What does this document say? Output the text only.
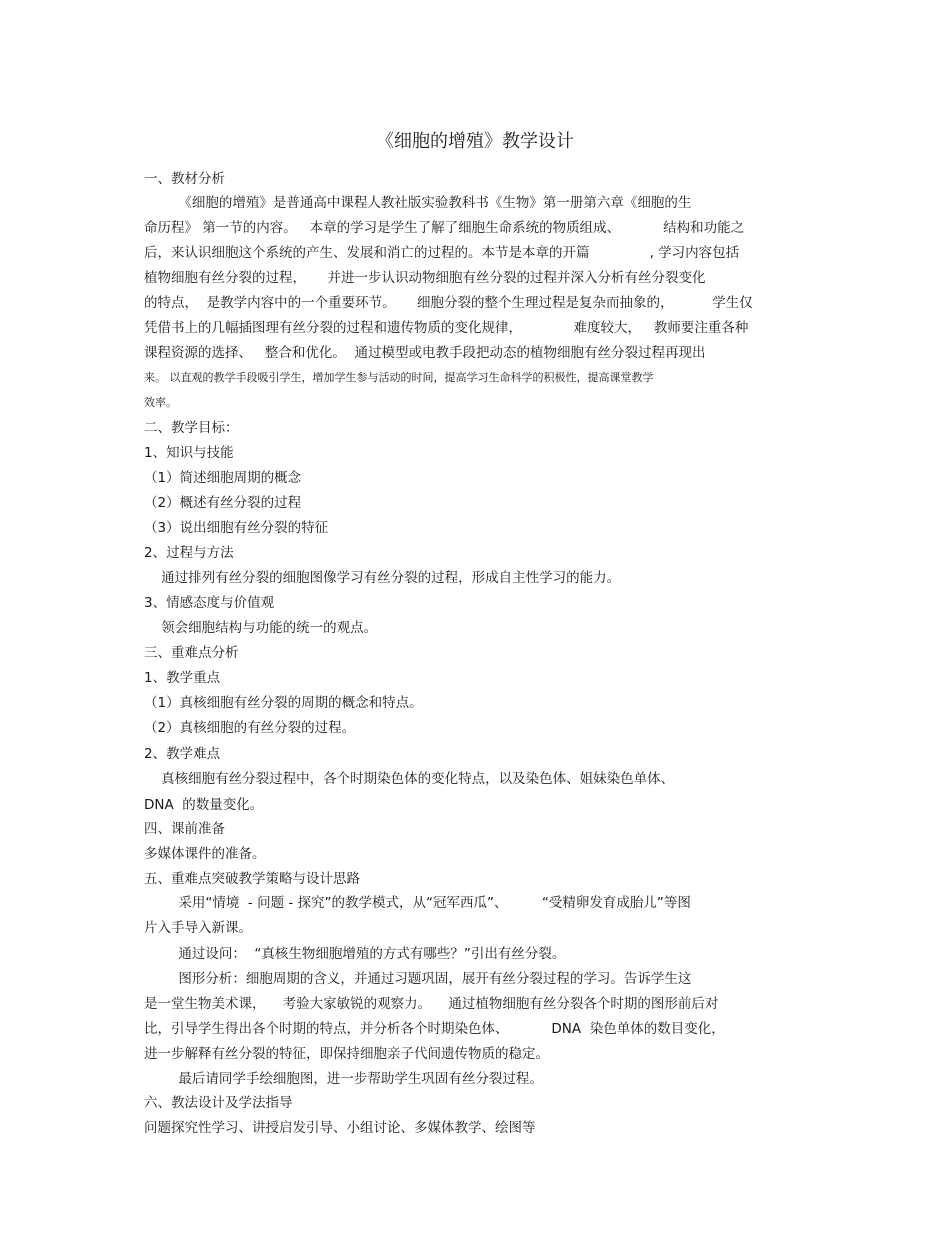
《细胞的增殖》教学设计
一、教材分析
《细胞的增殖》是普通高中课程人教社版实验教科书《生物》第一册第六章《细胞的生
命历程》 第一节的内容。   本章的学习是学生了解了细胞生命系统的物质组成、          结构和功能之
后，来认识细胞这个系统的产生、发展和消亡的过程的。本节是本章的开篇              , 学习内容包括
植物细胞有丝分裂的过程，     并进一步认识动物细胞有丝分裂的过程并深入分析有丝分裂变化
的特点，  是教学内容中的一个重要环节。     细胞分裂的整个生理过程是复杂而抽象的，         学生仅
凭借书上的几幅插图理有丝分裂的过程和遗传物质的变化规律，            难度较大，   教师要注重各种
课程资源的选择、   整合和优化。  通过模型或电教手段把动态的植物细胞有丝分裂过程再现出
来。 以直观的教学手段吸引学生，增加学生参与活动的时间，提高学习生命科学的积极性，提高课堂教学
效率。
二、教学目标：
1、知识与技能
（1）简述细胞周期的概念
（2）概述有丝分裂的过程
（3）说出细胞有丝分裂的特征
2、过程与方法
通过排列有丝分裂的细胞图像学习有丝分裂的过程，形成自主性学习的能力。
3、情感态度与价值观
领会细胞结构与功能的统一的观点。
三、重难点分析
1、教学重点
（1）真核细胞有丝分裂的周期的概念和特点。
（2）真核细胞的有丝分裂的过程。
2、教学难点
真核细胞有丝分裂过程中，各个时期染色体的变化特点，以及染色体、姐妹染色单体、
DNA  的数量变化。
四、课前准备
多媒体课件的准备。
五、重难点突破教学策略与设计思路
采用“情境  - 问题 - 探究”的教学模式，从“冠军西瓜”、        “受精卵发育成胎儿”等图
片入手导入新课。
通过设问：  “真核生物细胞增殖的方式有哪些？”引出有丝分裂。
图形分析：细胞周期的含义，并通过习题巩固，展开有丝分裂过程的学习。告诉学生这
是一堂生物美术课，    考验大家敏锐的观察力。    通过植物细胞有丝分裂各个时期的图形前后对
比，引导学生得出各个时期的特点，并分析各个时期染色体、          DNA  染色单体的数目变化，
进一步解释有丝分裂的特征，即保持细胞亲子代间遗传物质的稳定。
最后请同学手绘细胞图，进一步帮助学生巩固有丝分裂过程。
六、教法设计及学法指导
问题探究性学习、讲授启发引导、小组讨论、多媒体教学、绘图等
